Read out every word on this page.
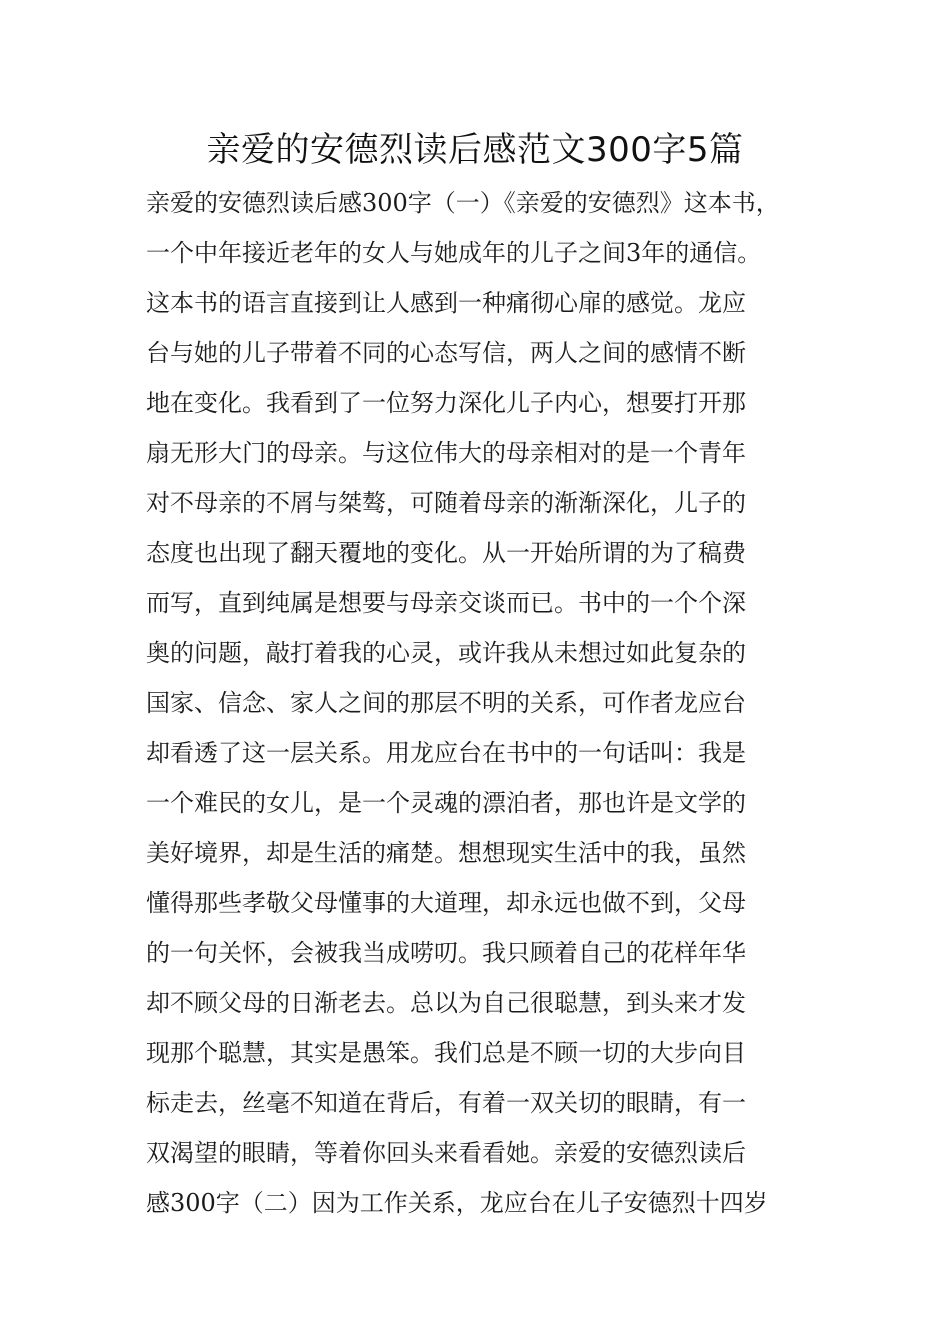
亲爱的安德烈读后感范文300字5篇
亲爱的安德烈读后感300字（一）《亲爱的安德烈》这本书，
一个中年接近老年的女人与她成年的儿子之间3年的通信。
这本书的语言直接到让人感到一种痛彻心扉的感觉。龙应
台与她的儿子带着不同的心态写信，两人之间的感情不断
地在变化。我看到了一位努力深化儿子内心，想要打开那
扇无形大门的母亲。与这位伟大的母亲相对的是一个青年
对不母亲的不屑与桀骜，可随着母亲的渐渐深化，儿子的
态度也出现了翻天覆地的变化。从一开始所谓的为了稿费
而写，直到纯属是想要与母亲交谈而已。书中的一个个深
奥的问题，敲打着我的心灵，或许我从未想过如此复杂的
国家、信念、家人之间的那层不明的关系，可作者龙应台
却看透了这一层关系。用龙应台在书中的一句话叫：我是
一个难民的女儿，是一个灵魂的漂泊者，那也许是文学的
美好境界，却是生活的痛楚。想想现实生活中的我，虽然
懂得那些孝敬父母懂事的大道理，却永远也做不到，父母
的一句关怀，会被我当成唠叨。我只顾着自己的花样年华
却不顾父母的日渐老去。总以为自己很聪慧，到头来才发
现那个聪慧，其实是愚笨。我们总是不顾一切的大步向目
标走去，丝毫不知道在背后，有着一双关切的眼睛，有一
双渴望的眼睛，等着你回头来看看她。亲爱的安德烈读后
感300字（二）因为工作关系，龙应台在儿子安德烈十四岁
